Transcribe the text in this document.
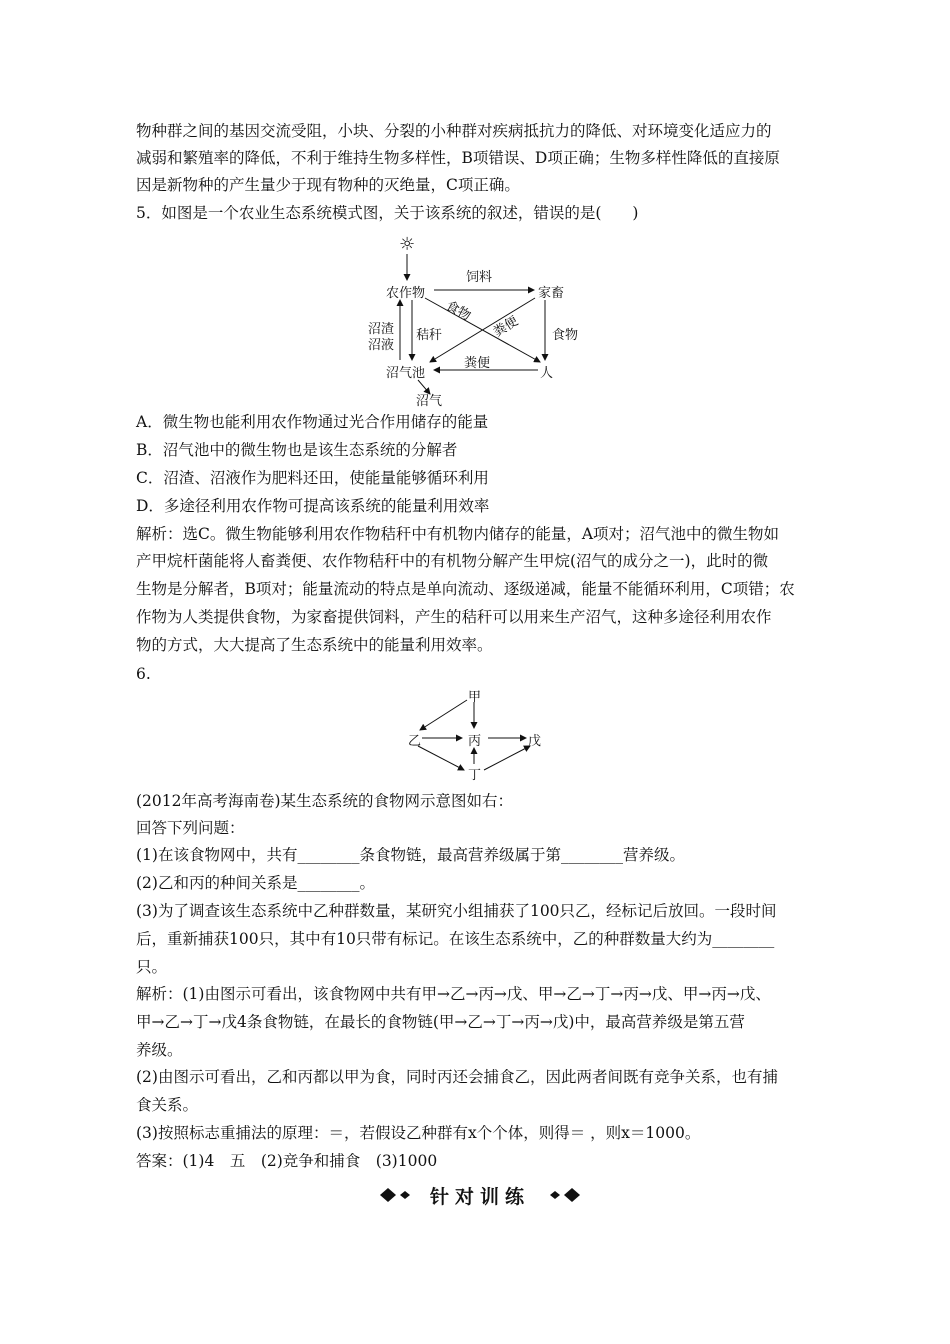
物种群之间的基因交流受阻，小块、分裂的小种群对疾病抵抗力的降低、对环境变化适应力的
减弱和繁殖率的降低，不利于维持生物多样性，B项错误、D项正确；生物多样性降低的直接原
因是新物种的产生量少于现有物种的灭绝量，C项正确。
5．如图是一个农业生态系统模式图，关于该系统的叙述，错误的是(　　)
☼
农作物	家畜
沼气池	人
沼气
饲料
食物
粪便 食物
粪便
沼渣
沼液
秸秆
A．微生物也能利用农作物通过光合作用储存的能量
B．沼气池中的微生物也是该生态系统的分解者
C．沼渣、沼液作为肥料还田，使能量能够循环利用
D．多途径利用农作物可提高该系统的能量利用效率
解析：选C。微生物能够利用农作物秸秆中有机物内储存的能量，A项对；沼气池中的微生物如
产甲烷杆菌能将人畜粪便、农作物秸秆中的有机物分解产生甲烷(沼气的成分之一)，此时的微
生物是分解者，B项对；能量流动的特点是单向流动、逐级递减，能量不能循环利用，C项错；农
作物为人类提供食物，为家畜提供饲料，产生的秸秆可以用来生产沼气，这种多途径利用农作
物的方式，大大提高了生态系统中的能量利用效率。
6.
甲
乙	丙	戊
丁
(2012年高考海南卷)某生态系统的食物网示意图如右：
回答下列问题：
(1)在该食物网中，共有________条食物链，最高营养级属于第________营养级。
(2)乙和丙的种间关系是________。
(3)为了调查该生态系统中乙种群数量，某研究小组捕获了100只乙，经标记后放回。一段时间
后，重新捕获100只，其中有10只带有标记。在该生态系统中，乙的种群数量大约为________
只。
解析：(1)由图示可看出，该食物网中共有甲→乙→丙→戊、甲→乙→丁→丙→戊、甲→丙→戊、
甲→乙→丁→戊4条食物链，在最长的食物链(甲→乙→丁→丙→戊)中，最高营养级是第五营
养级。
(2)由图示可看出，乙和丙都以甲为食，同时丙还会捕食乙，因此两者间既有竞争关系，也有捕
食关系。
(3)按照标志重捕法的原理：＝，若假设乙种群有x个个体，则得＝ ，则x＝1000。
答案：(1)4　五　(2)竞争和捕食　(3)1000
针对训练
